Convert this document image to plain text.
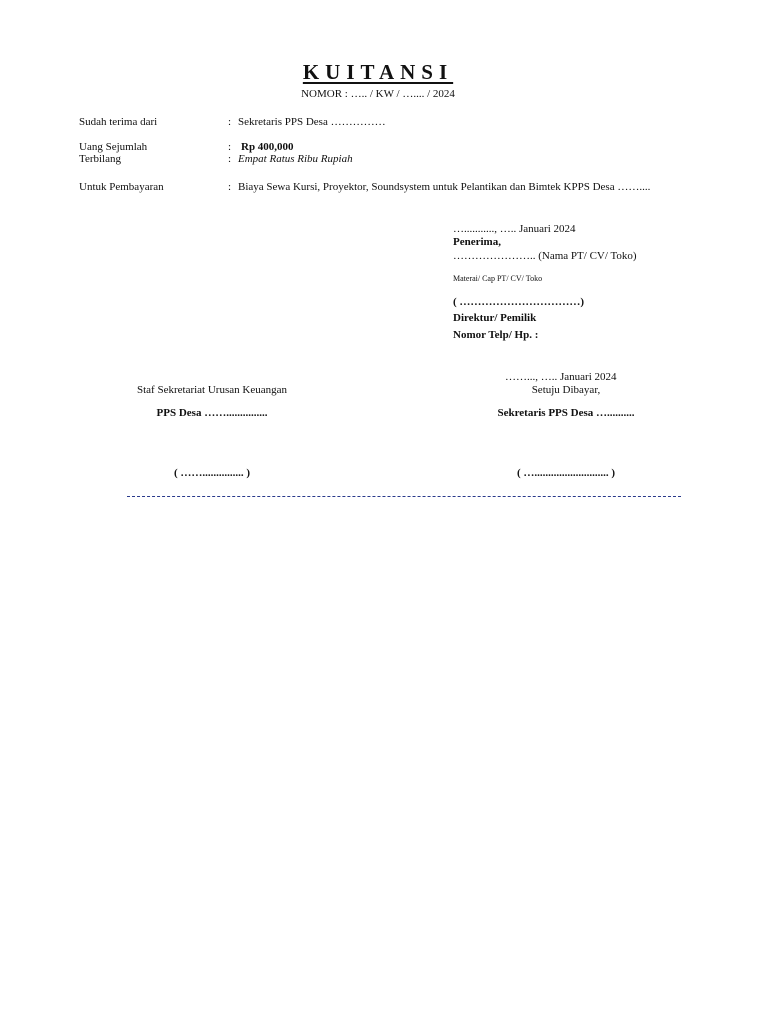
KUITANSI
NOMOR : ….. / KW / ….... / 2024
Sudah terima dari	: Sekretaris PPS Desa ……………
Uang Sejumlah	: Rp 400,000
Terbilang	: Empat Ratus Ribu Rupiah
Untuk Pembayaran	: Biaya Sewa Kursi, Proyektor, Soundsystem untuk Pelantikan dan Bimtek KPPS Desa ……....
…..........., ….. Januari 2024
Penerima,
………………….. (Nama PT/ CV/ Toko)
Materai/ Cap PT/ CV/ Toko
( ……………………………)
Direktur/ Pemilik
Nomor Telp/ Hp. :
……..., ….. Januari 2024
Staf Sekretariat Urusan Keuangan
PPS Desa ……...............
( ……............... )
Setuju Dibayar,
Sekretaris PPS Desa …..........
( …........................... )
